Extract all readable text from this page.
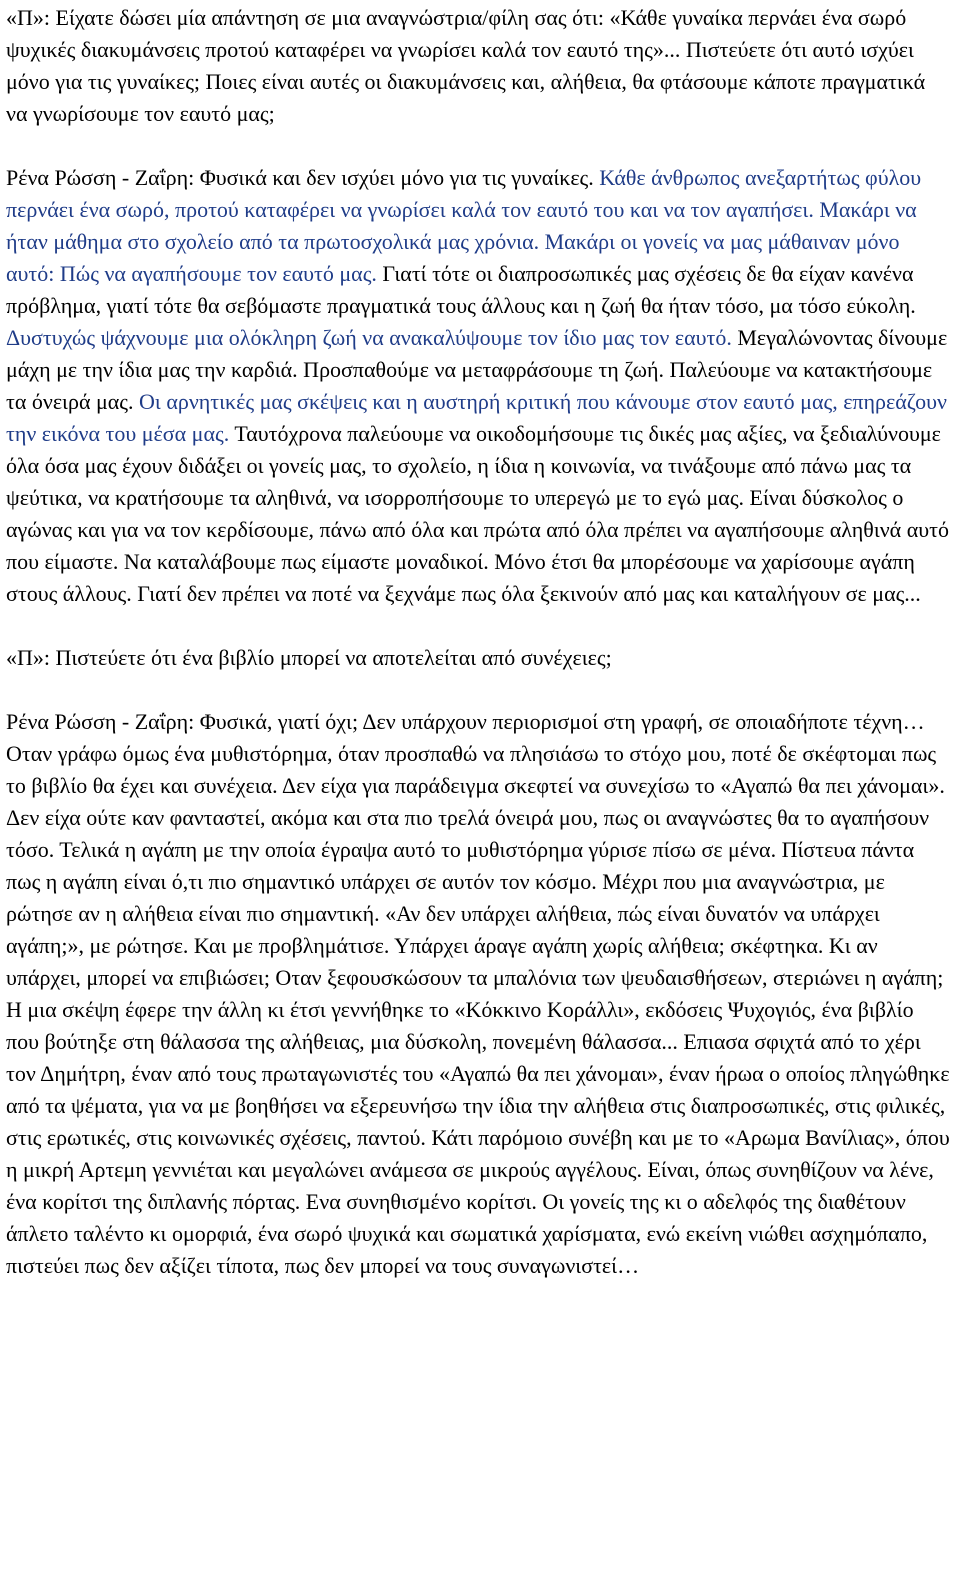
«Π»: Είχατε δώσει μία απάντηση σε μια αναγνώστρια/φίλη σας ότι: «Κάθε γυναίκα περνάει ένα σωρό ψυχικές διακυμάνσεις προτού καταφέρει να γνωρίσει καλά τον εαυτό της»... Πιστεύετε ότι αυτό ισχύει μόνο για τις γυναίκες; Ποιες είναι αυτές οι διακυμάνσεις και, αλήθεια, θα φτάσουμε κάποτε πραγματικά να γνωρίσουμε τον εαυτό μας;

Ρένα Ρώσση - Ζαΐρη: Φυσικά και δεν ισχύει μόνο για τις γυναίκες. Κάθε άνθρωπος ανεξαρτήτως φύλου περνάει ένα σωρό, προτού καταφέρει να γνωρίσει καλά τον εαυτό του και να τον αγαπήσει. Μακάρι να ήταν μάθημα στο σχολείο από τα πρωτοσχολικά μας χρόνια. Μακάρι οι γονείς να μας μάθαιναν μόνο αυτό: Πώς να αγαπήσουμε τον εαυτό μας. Γιατί τότε οι διαπροσωπικές μας σχέσεις δε θα είχαν κανένα πρόβλημα, γιατί τότε θα σεβόμαστε πραγματικά τους άλλους και η ζωή θα ήταν τόσο, μα τόσο εύκολη. Δυστυχώς ψάχνουμε μια ολόκληρη ζωή να ανακαλύψουμε τον ίδιο μας τον εαυτό. Μεγαλώνοντας δίνουμε μάχη με την ίδια μας την καρδιά. Προσπαθούμε να μεταφράσουμε τη ζωή. Παλεύουμε να κατακτήσουμε τα όνειρά μας. Οι αρνητικές μας σκέψεις και η αυστηρή κριτική που κάνουμε στον εαυτό μας, επηρεάζουν την εικόνα του μέσα μας. Ταυτόχρονα παλεύουμε να οικοδομήσουμε τις δικές μας αξίες, να ξεδιαλύνουμε όλα όσα μας έχουν διδάξει οι γονείς μας, το σχολείο, η ίδια η κοινωνία, να τινάξουμε από πάνω μας τα ψεύτικα, να κρατήσουμε τα αληθινά, να ισορροπήσουμε το υπερεγώ με το εγώ μας. Είναι δύσκολος ο αγώνας και για να τον κερδίσουμε, πάνω από όλα και πρώτα από όλα πρέπει να αγαπήσουμε αληθινά αυτό που είμαστε. Να καταλάβουμε πως είμαστε μοναδικοί. Μόνο έτσι θα μπορέσουμε να χαρίσουμε αγάπη στους άλλους. Γιατί δεν πρέπει να ποτέ να ξεχνάμε πως όλα ξεκινούν από μας και καταλήγουν σε μας...

«Π»: Πιστεύετε ότι ένα βιβλίο μπορεί να αποτελείται από συνέχειες;

Ρένα Ρώσση - Ζαΐρη: Φυσικά, γιατί όχι; Δεν υπάρχουν περιορισμοί στη γραφή, σε οποιαδήποτε τέχνη… Οταν γράφω όμως ένα μυθιστόρημα, όταν προσπαθώ να πλησιάσω το στόχο μου, ποτέ δε σκέφτομαι πως το βιβλίο θα έχει και συνέχεια. Δεν είχα για παράδειγμα σκεφτεί να συνεχίσω το «Αγαπώ θα πει χάνομαι». Δεν είχα ούτε καν φανταστεί, ακόμα και στα πιο τρελά όνειρά μου, πως οι αναγνώστες θα το αγαπήσουν τόσο. Τελικά η αγάπη με την οποία έγραψα αυτό το μυθιστόρημα γύρισε πίσω σε μένα. Πίστευα πάντα πως η αγάπη είναι ό,τι πιο σημαντικό υπάρχει σε αυτόν τον κόσμο. Μέχρι που μια αναγνώστρια, με ρώτησε αν η αλήθεια είναι πιο σημαντική. «Αν δεν υπάρχει αλήθεια, πώς είναι δυνατόν να υπάρχει αγάπη;», με ρώτησε. Και με προβλημάτισε. Υπάρχει άραγε αγάπη χωρίς αλήθεια; σκέφτηκα. Κι αν υπάρχει, μπορεί να επιβιώσει; Οταν ξεφουσκώσουν τα μπαλόνια των ψευδαισθήσεων, στεριώνει η αγάπη; Η μια σκέψη έφερε την άλλη κι έτσι γεννήθηκε το «Κόκκινο Κοράλλι», εκδόσεις Ψυχογιός, ένα βιβλίο που βούτηξε στη θάλασσα της αλήθειας, μια δύσκολη, πονεμένη θάλασσα... Επιασα σφιχτά από το χέρι τον Δημήτρη, έναν από τους πρωταγωνιστές του «Αγαπώ θα πει χάνομαι», έναν ήρωα ο οποίος πληγώθηκε από τα ψέματα, για να με βοηθήσει να εξερευνήσω την ίδια την αλήθεια στις διαπροσωπικές, στις φιλικές, στις ερωτικές, στις κοινωνικές σχέσεις, παντού. Κάτι παρόμοιο συνέβη και με το «Αρωμα Βανίλιας», όπου η μικρή Αρτεμη γεννιέται και μεγαλώνει ανάμεσα σε μικρούς αγγέλους. Είναι, όπως συνηθίζουν να λένε, ένα κορίτσι της διπλανής πόρτας. Ενα συνηθισμένο κορίτσι. Οι γονείς της κι ο αδελφός της διαθέτουν άπλετο ταλέντο κι ομορφιά, ένα σωρό ψυχικά και σωματικά χαρίσματα, ενώ εκείνη νιώθει ασχημόπαπο, πιστεύει πως δεν αξίζει τίποτα, πως δεν μπορεί να τους συναγωνιστεί…
